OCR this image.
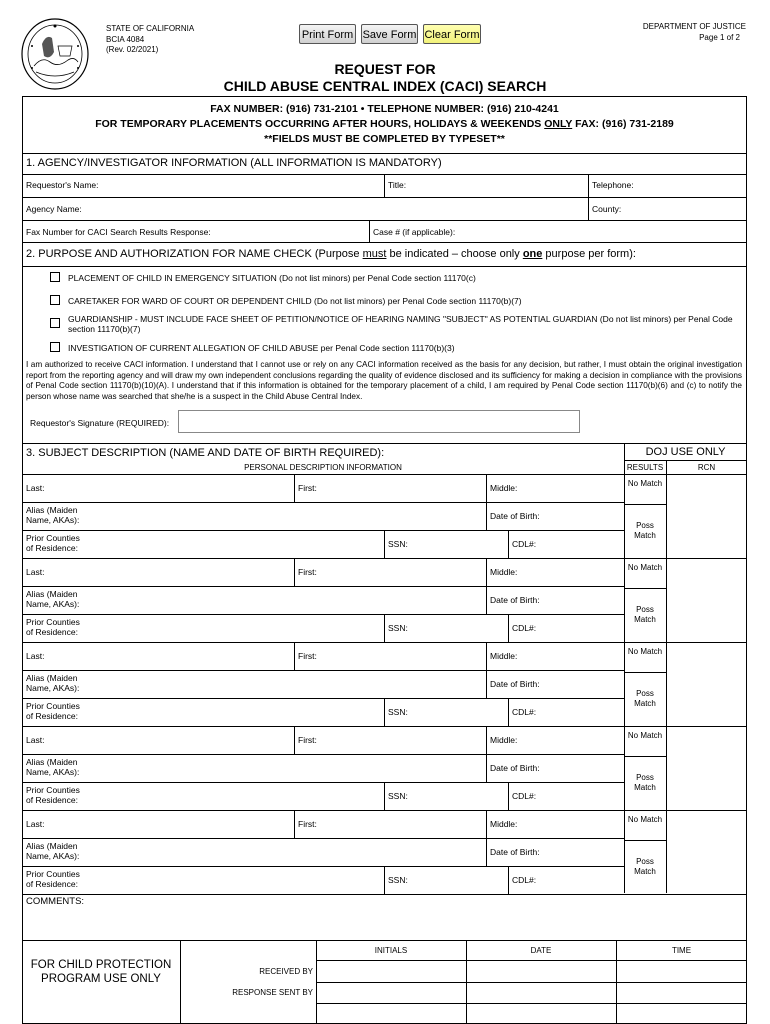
STATE OF CALIFORNIA
BCIA 4084
(Rev. 02/2021)
DEPARTMENT OF JUSTICE
Page 1 of 2
Print Form Save Form Clear Form
REQUEST FOR
CHILD ABUSE CENTRAL INDEX (CACI) SEARCH
FAX NUMBER: (916) 731-2101 • TELEPHONE NUMBER: (916) 210-4241
FOR TEMPORARY PLACEMENTS OCCURRING AFTER HOURS, HOLIDAYS & WEEKENDS ONLY FAX: (916) 731-2189
**FIELDS MUST BE COMPLETED BY TYPESET**
1. AGENCY/INVESTIGATOR INFORMATION (ALL INFORMATION IS MANDATORY)
Requestor's Name:	Title:	Telephone:
Agency Name:	County:
Fax Number for CACI Search Results Response:	Case # (if applicable):
2. PURPOSE AND AUTHORIZATION FOR NAME CHECK (Purpose must be indicated – choose only one purpose per form):
PLACEMENT OF CHILD IN EMERGENCY SITUATION (Do not list minors) per Penal Code section 11170(c)
CARETAKER FOR WARD OF COURT OR DEPENDENT CHILD (Do not list minors) per Penal Code section 11170(b)(7)
GUARDIANSHIP - MUST INCLUDE FACE SHEET OF PETITION/NOTICE OF HEARING NAMING "SUBJECT" AS POTENTIAL GUARDIAN (Do not list minors) per Penal Code section 11170(b)(7)
INVESTIGATION OF CURRENT ALLEGATION OF CHILD ABUSE per Penal Code section 11170(b)(3)
I am authorized to receive CACI information. I understand that I cannot use or rely on any CACI information received as the basis for any decision, but rather, I must obtain the original investigation report from the reporting agency and will draw my own independent conclusions regarding the quality of evidence disclosed and its sufficiency for making a decision in compliance with the provisions of Penal Code section 11170(b)(10)(A). I understand that if this information is obtained for the temporary placement of a child, I am required by Penal Code section 11170(b)(6) and (c) to notify the person whose name was searched that she/he is a suspect in the Child Abuse Central Index.
Requestor's Signature (REQUIRED):
3. SUBJECT DESCRIPTION (NAME AND DATE OF BIRTH REQUIRED):	DOJ USE ONLY
PERSONAL DESCRIPTION INFORMATION	RESULTS	RCN
Last:	First:	Middle:
Alias (Maiden Name, AKAs):	Date of Birth:
Prior Counties of Residence:	SSN:	CDL#:
No Match
Poss Match
Last:	First:	Middle:
Alias (Maiden Name, AKAs):	Date of Birth:
Prior Counties of Residence:	SSN:	CDL#:
No Match
Poss Match
Last:	First:	Middle:
Alias (Maiden Name, AKAs):	Date of Birth:
Prior Counties of Residence:	SSN:	CDL#:
No Match
Poss Match
Last:	First:	Middle:
Alias (Maiden Name, AKAs):	Date of Birth:
Prior Counties of Residence:	SSN:	CDL#:
No Match
Poss Match
Last:	First:	Middle:
Alias (Maiden Name, AKAs):	Date of Birth:
Prior Counties of Residence:	SSN:	CDL#:
No Match
Poss Match
COMMENTS:
FOR CHILD PROTECTION PROGRAM USE ONLY
INITIALS	DATE	TIME
RECEIVED BY
RESPONSE SENT BY
